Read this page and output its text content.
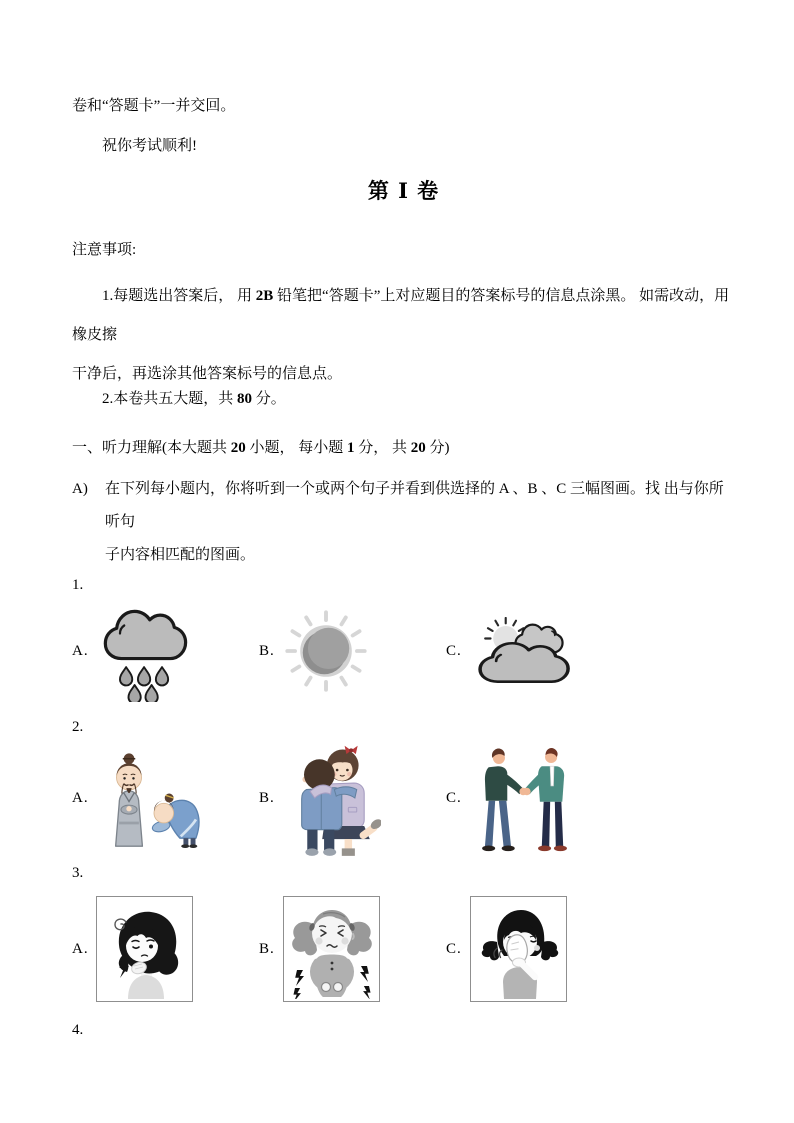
卷和“答题卡”一并交回。

祝你考试顺利!

第 Ⅰ 卷

注意事项:

1.每题选出答案后， 用 2B 铅笔把“答题卡”上对应题目的答案标号的信息点涂黑。 如需改动，用橡皮擦
干净后，再选涂其他答案标号的信息点。

2.本卷共五大题，共 80 分。

一、听力理解(本大题共 20 小题， 每小题 1 分， 共 20 分)
A)	在下列每小题内，你将听到一个或两个句子并看到供选择的 A 、B 、C 三幅图画。找 出与你所听句
子内容相匹配的图画。
1.
A.	B.	C.
2.
A.	B.	C.
3.
A.	B.	C.
4.
